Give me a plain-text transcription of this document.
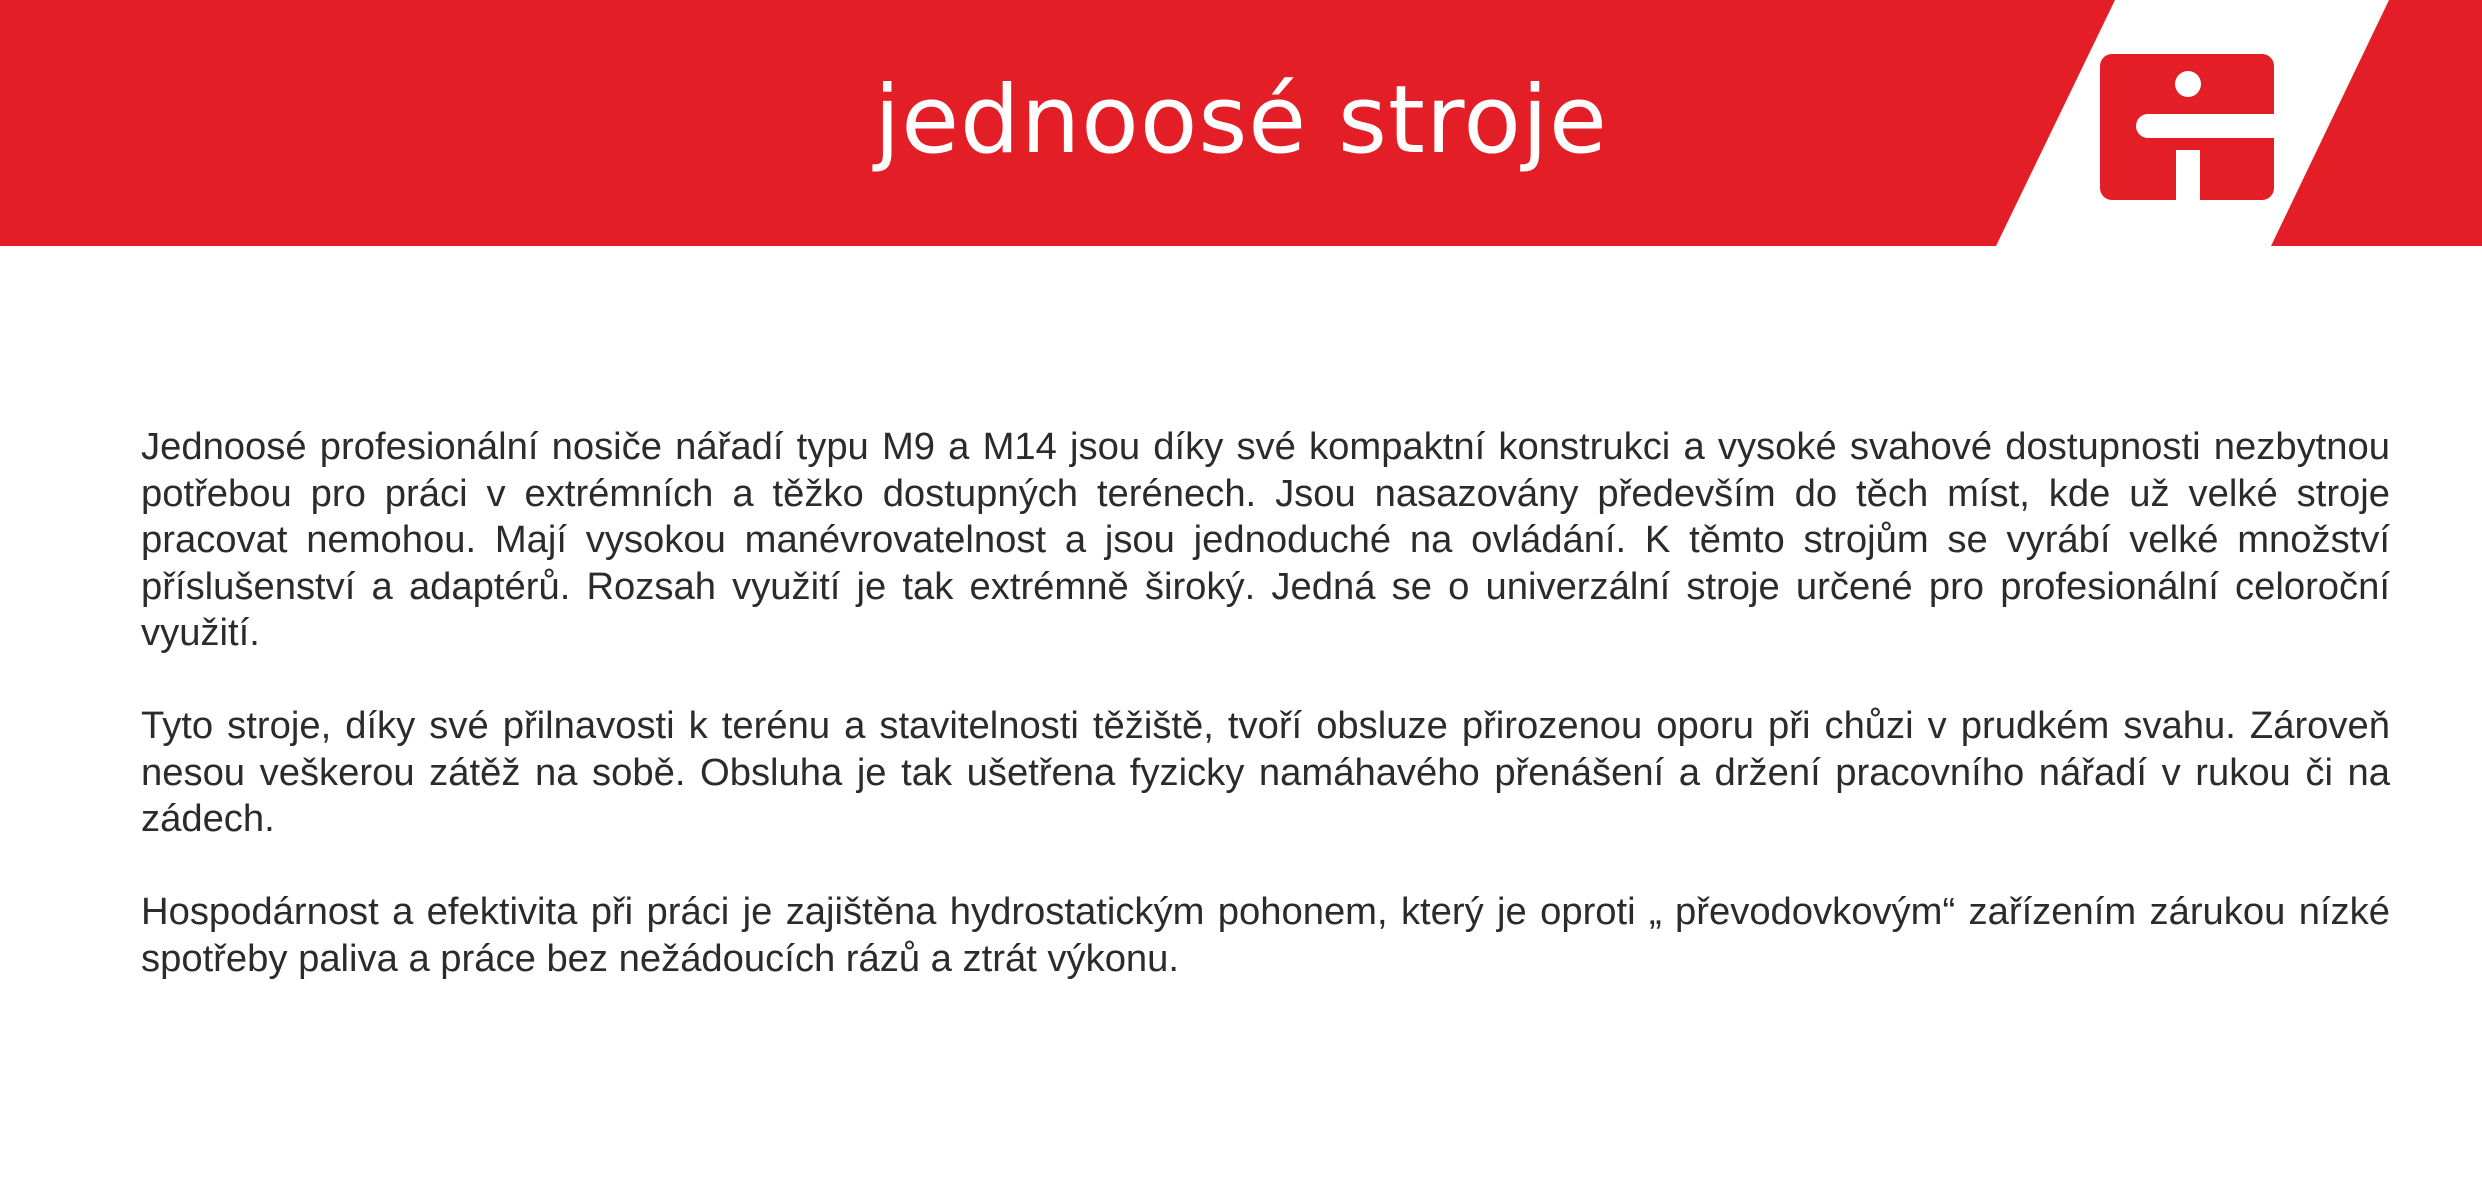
jednoosé stroje

Jednoosé profesionální nosiče nářadí typu M9 a M14 jsou díky své kompaktní konstrukci a vysoké svahové dostupnosti nezbytnou potřebou pro práci v extrémních a těžko dostupných terénech. Jsou nasazovány především do těch míst, kde už velké stroje pracovat nemohou. Mají vysokou manévrovatelnost a jsou jednoduché na ovládání. K těmto strojům se vyrábí velké množství příslušenství a adaptérů. Rozsah využití je tak extrémně široký. Jedná se o univerzální stroje určené pro profesionální celoroční využití.

Tyto stroje, díky své přilnavosti k terénu a stavitelnosti těžiště, tvoří obsluze přirozenou oporu při chůzi v prudkém svahu. Zároveň nesou veškerou zátěž na sobě. Obsluha je tak ušetřena fyzicky namáhavého přenášení a držení pracovního nářadí v rukou či na zádech.

Hospodárnost a efektivita při práci je zajištěna hydrostatickým pohonem, který je oproti „ převodovkovým“ zařízením zárukou nízké spotřeby paliva a práce bez nežádoucích rázů a ztrát výkonu.
